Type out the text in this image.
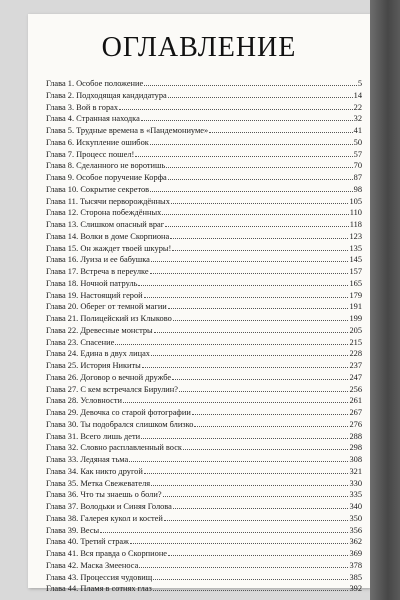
ОГЛАВЛЕНИЕ
Глава 1. Особое положение	5
Глава 2. Подходящая кандидатура	14
Глава 3. Вой в горах	22
Глава 4. Странная находка	32
Глава 5. Трудные времена в «Пандемониуме»	41
Глава 6. Искупление ошибок	50
Глава 7. Процесс пошел!	57
Глава 8. Сделанного не воротишь	70
Глава 9. Особое поручение Корфа	87
Глава 10. Сокрытие секретов	98
Глава 11. Тысячи перворождённых	105
Глава 12. Сторона побеждённых	110
Глава 13. Слишком опасный враг	118
Глава 14. Волки в доме Скорпиона	123
Глава 15. Он жаждет твоей шкуры!	135
Глава 16. Луиза и ее бабушка	145
Глава 17. Встреча в переулке	157
Глава 18. Ночной патруль	165
Глава 19. Настоящий герой	179
Глава 20. Оберег от темной магии	191
Глава 21. Полицейский из Клыково	199
Глава 22. Древесные монстры	205
Глава 23. Спасение	215
Глава 24. Едина в двух лицах	228
Глава 25. История Никиты	237
Глава 26. Договор о вечной дружбе	247
Глава 27. С кем встречался Бирулин?	256
Глава 28. Условности	261
Глава 29. Девочка со старой фотографии	267
Глава 30. Ты подобрался слишком близко	276
Глава 31. Всего лишь дети	288
Глава 32. Словно расплавленный воск	298
Глава 33. Ледяная тьма	308
Глава 34. Как никто другой	321
Глава 35. Метка Свежевателя	330
Глава 36. Что ты знаешь о боли?	335
Глава 37. Володьки и Синяя Голова	340
Глава 38. Галерея кукол и костей	350
Глава 39. Весы	356
Глава 40. Третий страж	362
Глава 41. Вся правда о Скорпионе	369
Глава 42. Маска Змееноса	378
Глава 43. Процессия чудовищ	385
Глава 44. Пламя в сотнях глаз	392
